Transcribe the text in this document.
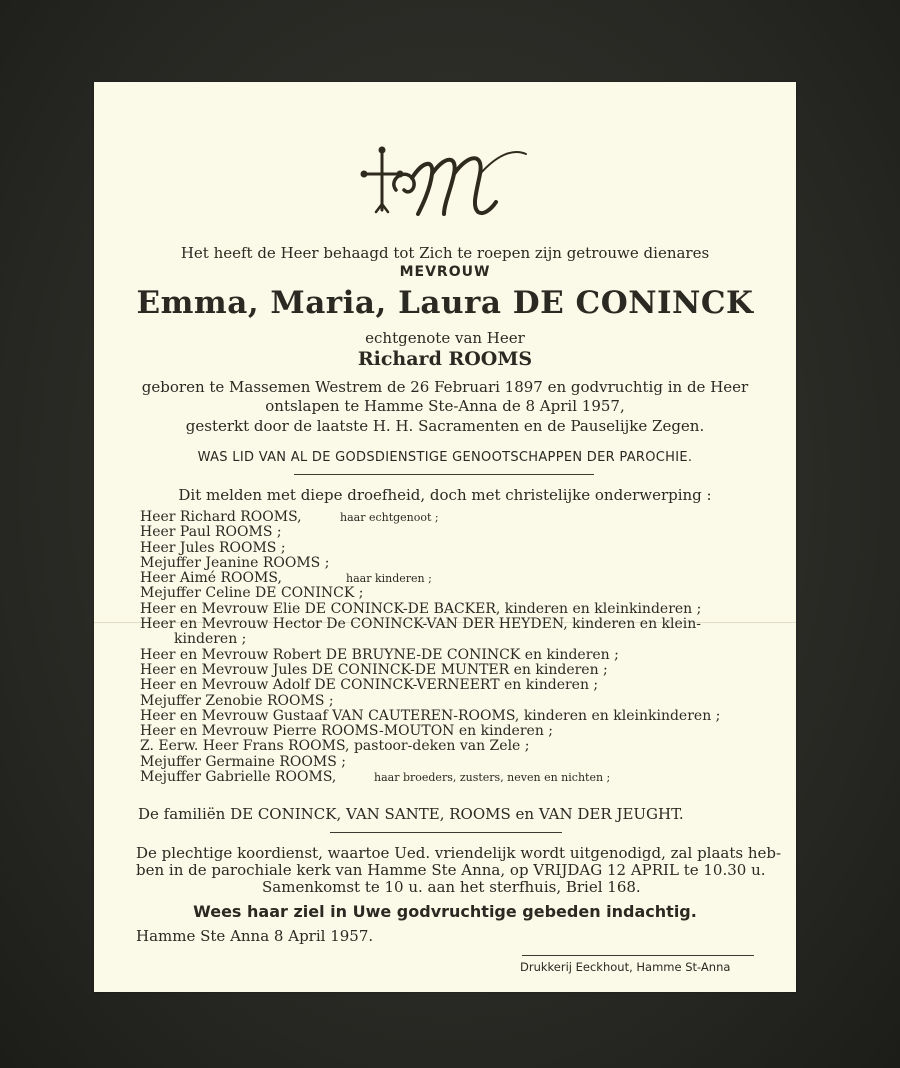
Het heeft de Heer behaagd tot Zich te roepen zijn getrouwe dienares
MEVROUW
Emma, Maria, Laura DE CONINCK
echtgenote van Heer
Richard ROOMS
geboren te Massemen Westrem de 26 Februari 1897 en godvruchtig in de Heer
ontslapen te Hamme Ste-Anna de 8 April 1957,
gesterkt door de laatste H. H. Sacramenten en de Pauselijke Zegen.
WAS LID VAN AL DE GODSDIENSTIGE GENOOTSCHAPPEN DER PAROCHIE.
Dit melden met diepe droefheid, doch met christelijke onderwerping :
Heer Richard ROOMS,	haar echtgenoot ;
Heer Paul ROOMS ;
Heer Jules ROOMS ;
Mejuffer Jeanine ROOMS ;
Heer Aimé ROOMS,	haar kinderen ;
Mejuffer Celine DE CONINCK ;
Heer en Mevrouw Elie DE CONINCK-DE BACKER, kinderen en kleinkinderen ;
Heer en Mevrouw Hector De CONINCK-VAN DER HEYDEN, kinderen en klein-
kinderen ;
Heer en Mevrouw Robert DE BRUYNE-DE CONINCK en kinderen ;
Heer en Mevrouw Jules DE CONINCK-DE MUNTER en kinderen ;
Heer en Mevrouw Adolf DE CONINCK-VERNEERT en kinderen ;
Mejuffer Zenobie ROOMS ;
Heer en Mevrouw Gustaaf VAN CAUTEREN-ROOMS, kinderen en kleinkinderen ;
Heer en Mevrouw Pierre ROOMS-MOUTON en kinderen ;
Z. Eerw. Heer Frans ROOMS, pastoor-deken van Zele ;
Mejuffer Germaine ROOMS ;
Mejuffer Gabrielle ROOMS,	haar broeders, zusters, neven en nichten ;
De familiën DE CONINCK, VAN SANTE, ROOMS en VAN DER JEUGHT.
De plechtige koordienst, waartoe Ued. vriendelijk wordt uitgenodigd, zal plaats heb-
ben in de parochiale kerk van Hamme Ste Anna, op VRIJDAG 12 APRIL te 10.30 u.
Samenkomst te 10 u. aan het sterfhuis, Briel 168.
Wees haar ziel in Uwe godvruchtige gebeden indachtig.
Hamme Ste Anna 8 April 1957.
Drukkerij Eeckhout, Hamme St-Anna
